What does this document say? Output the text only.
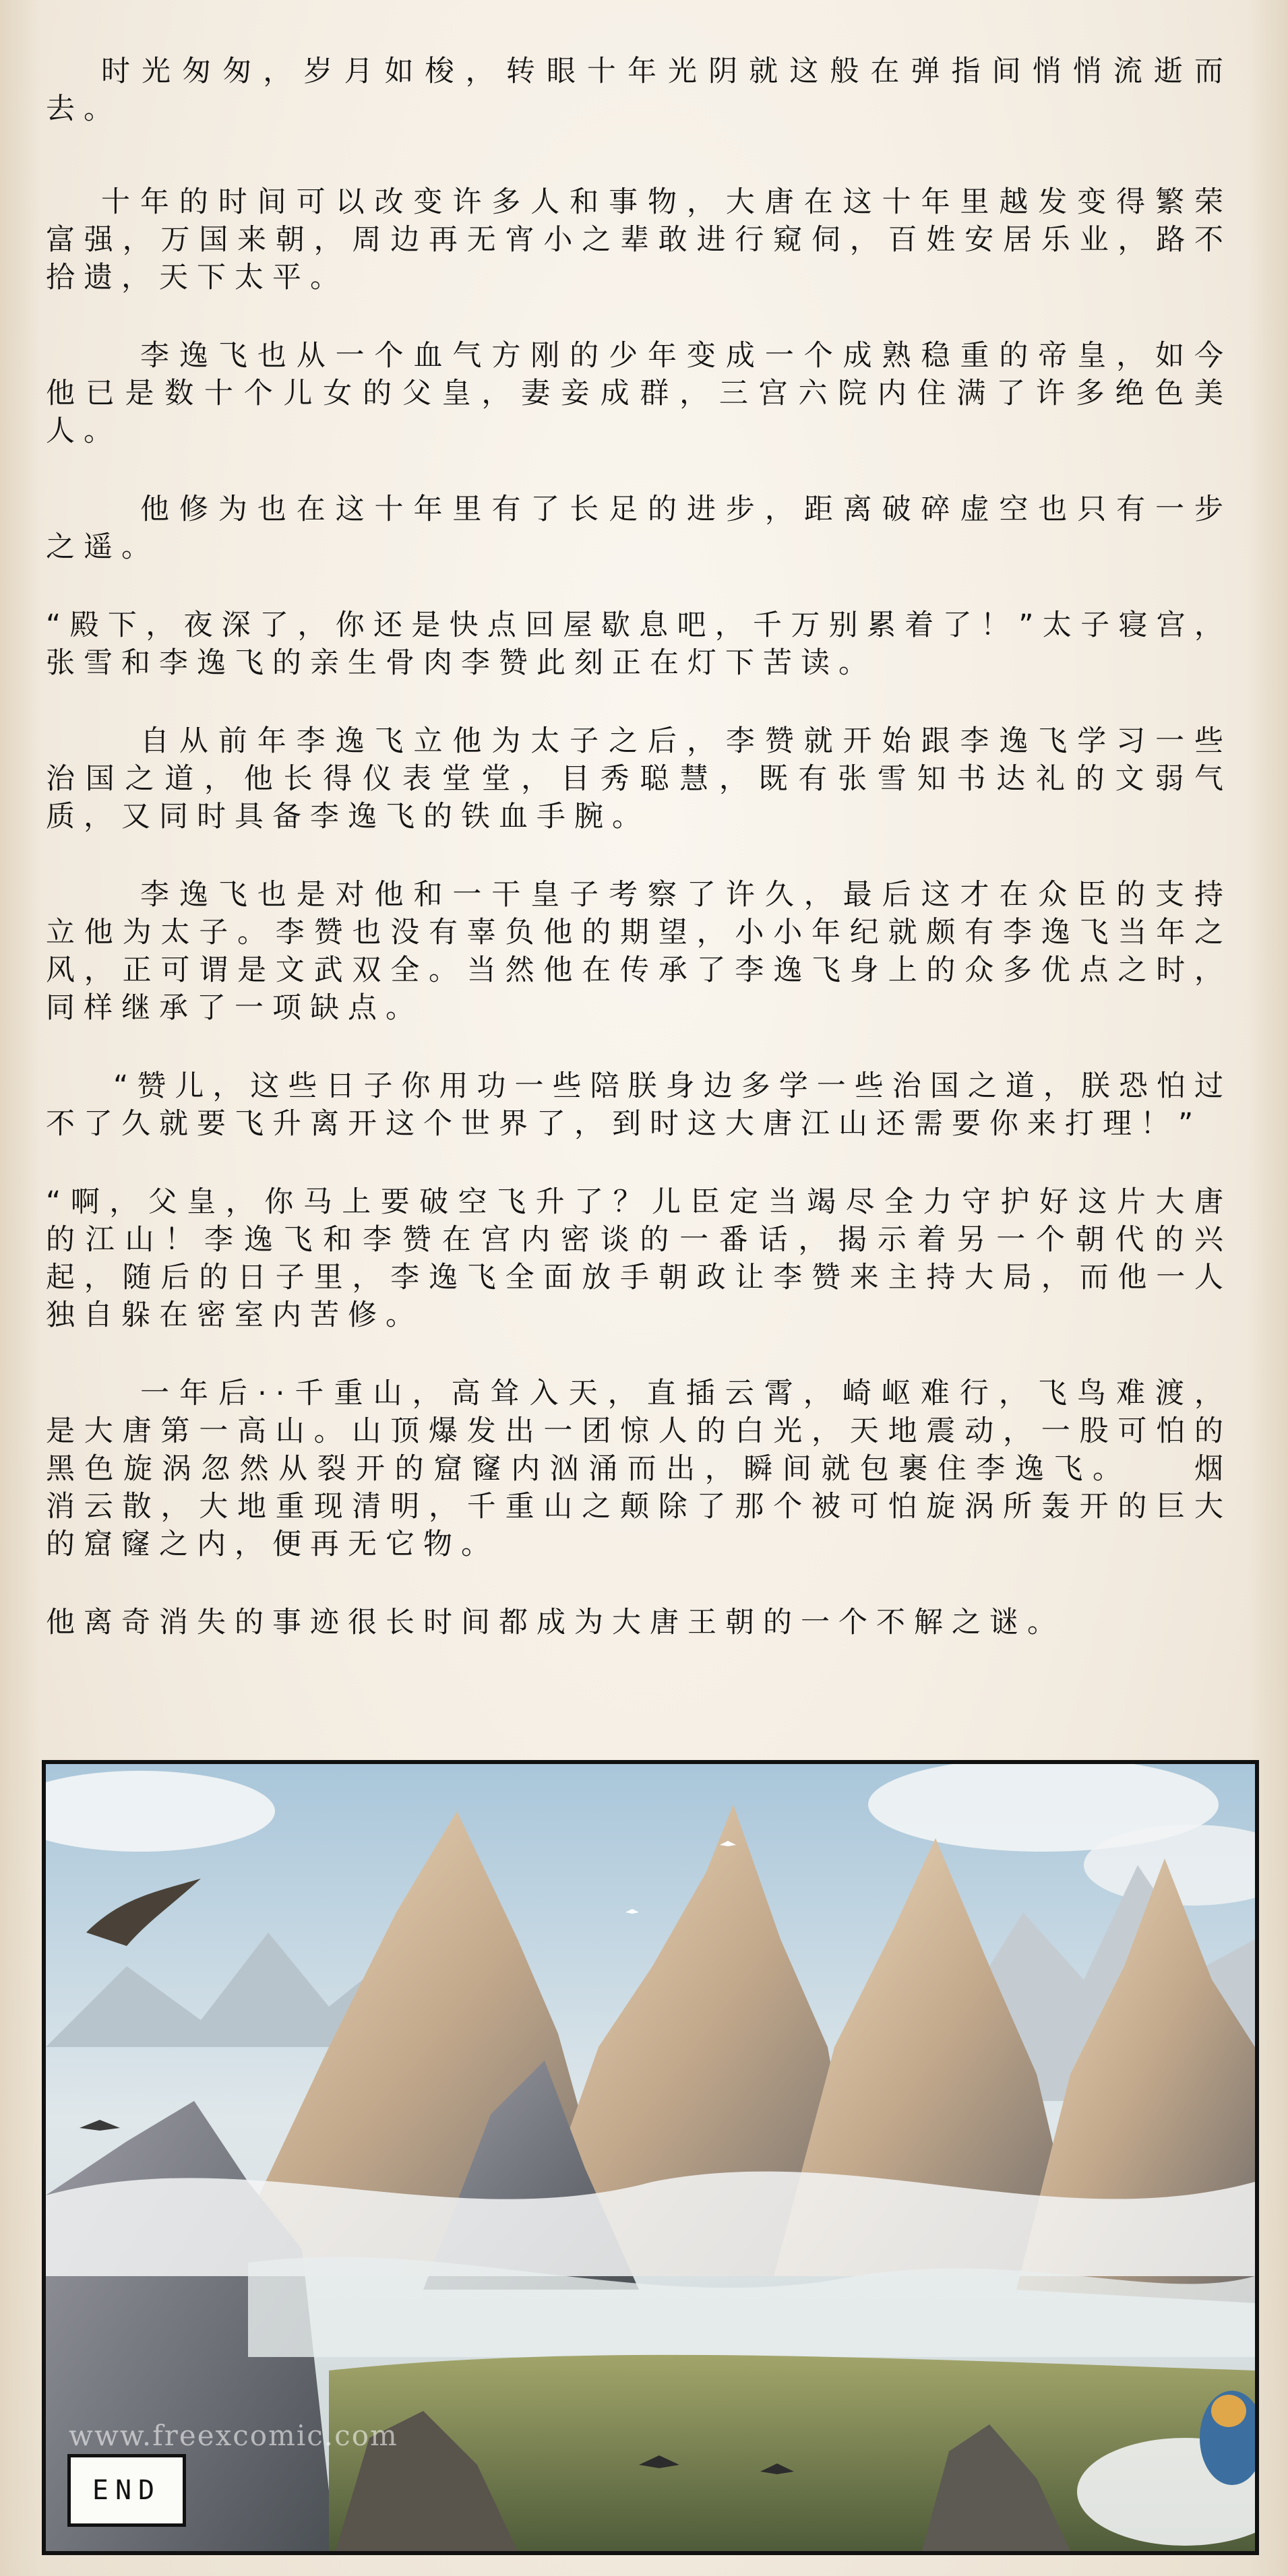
时光匆匆，岁月如梭，转眼十年光阴就这般在弹指间悄悄流逝而去。

十年的时间可以改变许多人和事物，大唐在这十年里越发变得繁荣富强，万国来朝，周边再无宵小之辈敢进行窥伺，百姓安居乐业，路不拾遗，天下太平。

李逸飞也从一个血气方刚的少年变成一个成熟稳重的帝皇，如今他已是数十个儿女的父皇，妻妾成群，三宫六院内住满了许多绝色美人。

他修为也在这十年里有了长足的进步，距离破碎虚空也只有一步之遥。

“殿下，夜深了，你还是快点回屋歇息吧，千万别累着了！”太子寝宫，张雪和李逸飞的亲生骨肉李赞此刻正在灯下苦读。

自从前年李逸飞立他为太子之后，李赞就开始跟李逸飞学习一些治国之道，他长得仪表堂堂，目秀聪慧，既有张雪知书达礼的文弱气质，又同时具备李逸飞的铁血手腕。

李逸飞也是对他和一干皇子考察了许久，最后这才在众臣的支持立他为太子。李赞也没有辜负他的期望，小小年纪就颇有李逸飞当年之风，正可谓是文武双全。当然他在传承了李逸飞身上的众多优点之时，同样继承了一项缺点。

“赞儿，这些日子你用功一些陪朕身边多学一些治国之道，朕恐怕过不了久就要飞升离开这个世界了，到时这大唐江山还需要你来打理！”

“啊，父皇，你马上要破空飞升了？儿臣定当竭尽全力守护好这片大唐的江山！李逸飞和李赞在宫内密谈的一番话，揭示着另一个朝代的兴起，随后的日子里，李逸飞全面放手朝政让李赞来主持大局，而他一人独自躲在密室内苦修。

一年后··千重山，高耸入天，直插云霄，崎岖难行，飞鸟难渡，是大唐第一高山。山顶爆发出一团惊人的白光，天地震动，一股可怕的黑色旋涡忽然从裂开的窟窿内汹涌而出，瞬间就包裹住李逸飞。　　烟消云散，大地重现清明，千重山之颠除了那个被可怕旋涡所轰开的巨大的窟窿之内，便再无它物。

他离奇消失的事迹很长时间都成为大唐王朝的一个不解之谜。

www.freexcomic.com
END
